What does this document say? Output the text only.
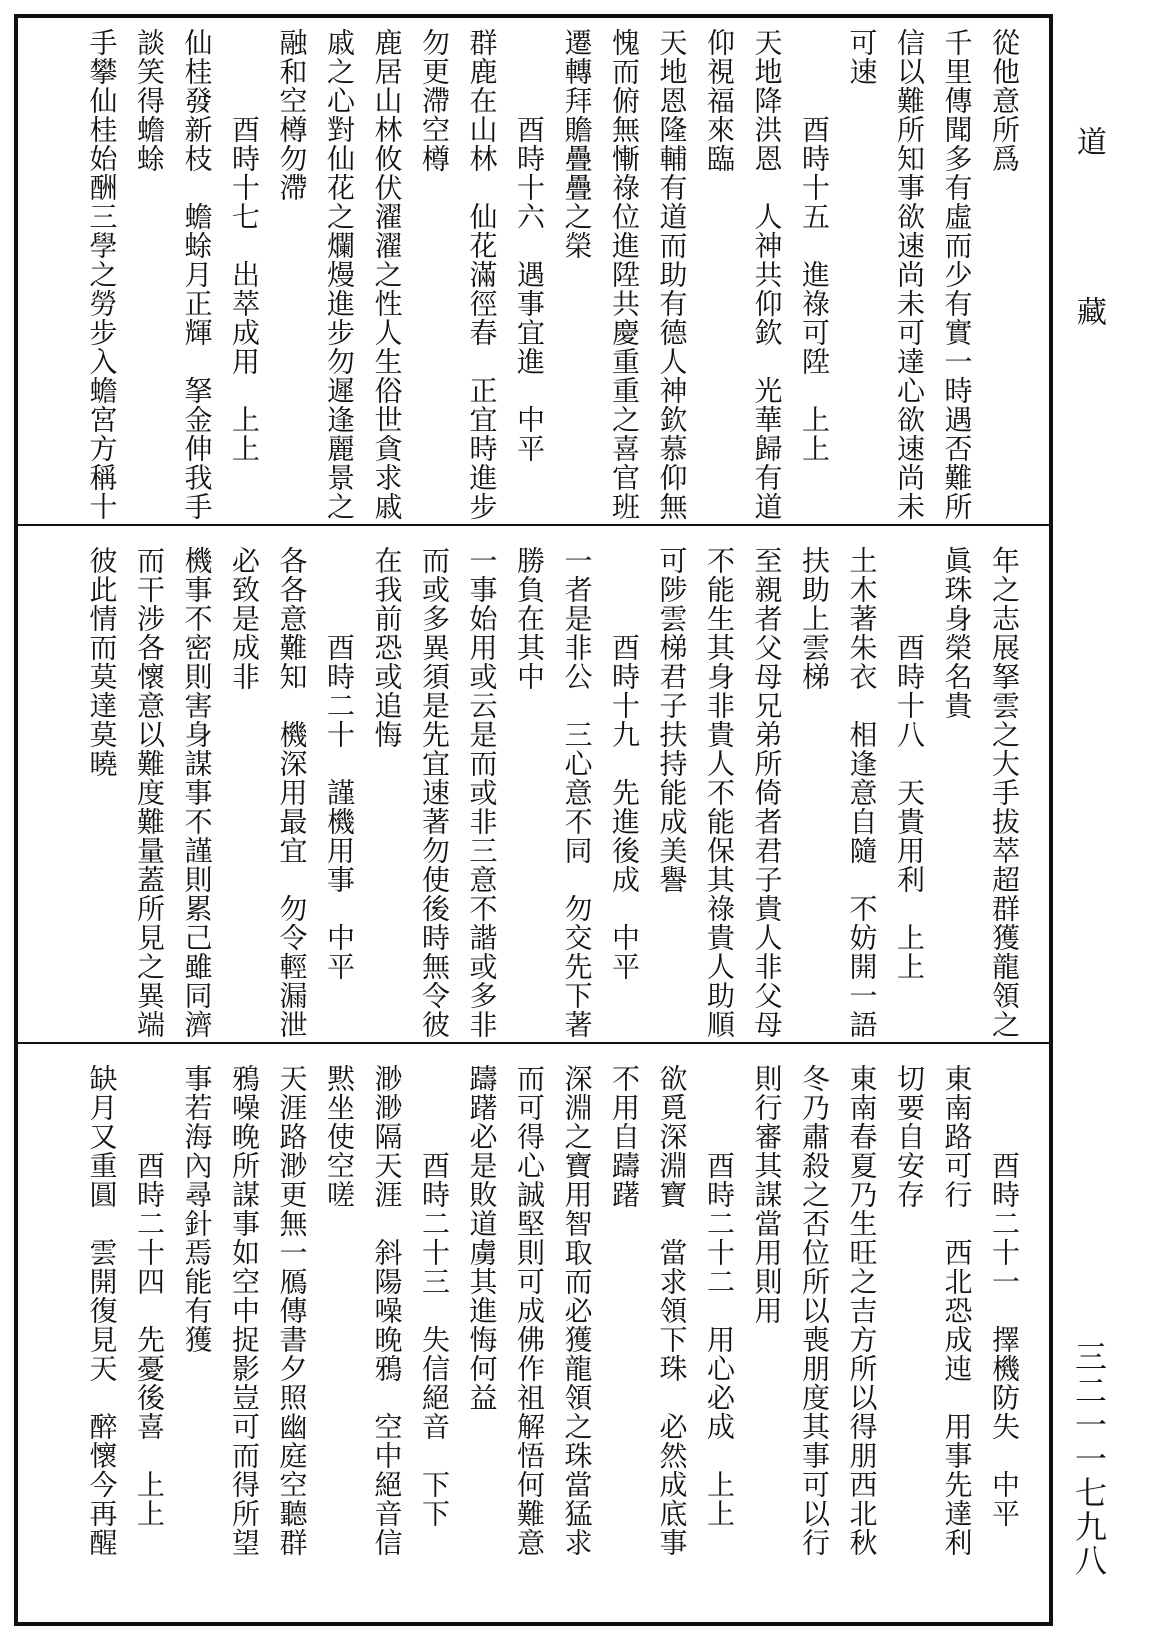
道
藏
三二一一七九八
從他意所爲
千里傳聞多有虛而少有實一時遇否難所
信以難所知事欲速尚未可達心欲速尚未
可速
　　　酉時十五　進祿可陞　上上
天地降洪恩　人神共仰欽　光華歸有道
仰視福來臨
天地恩隆輔有道而助有德人神欽慕仰無
愧而俯無慚祿位進陞共慶重重之喜官班
遷轉拜贍疊疊之榮
　　　酉時十六　遇事宜進　中平
群鹿在山林　仙花滿徑春　正宜時進步
勿更滯空樽
鹿居山林攸伏濯濯之性人生俗世貪求戚
戚之心對仙花之爛熳進步勿遲逢麗景之
融和空樽勿滯
　　　酉時十七　出萃成用　上上
仙桂發新枝　蟾蜍月正輝　拏金伸我手
談笑得蟾蜍
手攀仙桂始酬三學之勞步入蟾宮方稱十
年之志展拏雲之大手拔萃超群獲龍領之
眞珠身榮名貴
　　　酉時十八　天貴用利　上上
土木著朱衣　相逢意自隨　不妨開一語
扶助上雲梯
至親者父母兄弟所倚者君子貴人非父母
不能生其身非貴人不能保其祿貴人助順
可陟雲梯君子扶持能成美譽
　　　酉時十九　先進後成　中平
一者是非公　三心意不同　勿交先下著
勝負在其中
一事始用或云是而或非三意不諧或多非
而或多異須是先宜速著勿使後時無令彼
在我前恐或追悔
　　　酉時二十　謹機用事　中平
各各意難知　機深用最宜　勿令輕漏泄
必致是成非
機事不密則害身謀事不謹則累己雖同濟
而干涉各懷意以難度難量蓋所見之異端
彼此情而莫達莫曉
　　　酉時二十一　擇機防失　中平
東南路可行　西北恐成迍　用事先達利
切要自安存
東南春夏乃生旺之吉方所以得朋西北秋
冬乃肅殺之否位所以喪朋度其事可以行
則行審其謀當用則用
　　　酉時二十二　用心必成　上上
欲覓深淵寶　當求領下珠　必然成底事
不用自躊躇
深淵之寶用智取而必獲龍領之珠當猛求
而可得心誠堅則可成佛作祖解悟何難意
躊躇必是敗道虜其進悔何益
　　　酉時二十三　失信絕音　下下
渺渺隔天涯　斜陽噪晚鴉　空中絕音信
黙坐使空嗟
天涯路渺更無一鴈傳書夕照幽庭空聽群
鴉噪晚所謀事如空中捉影豈可而得所望
事若海內尋針焉能有獲
　　　酉時二十四　先憂後喜　上上
缺月又重圓　雲開復見天　醉懷今再醒
